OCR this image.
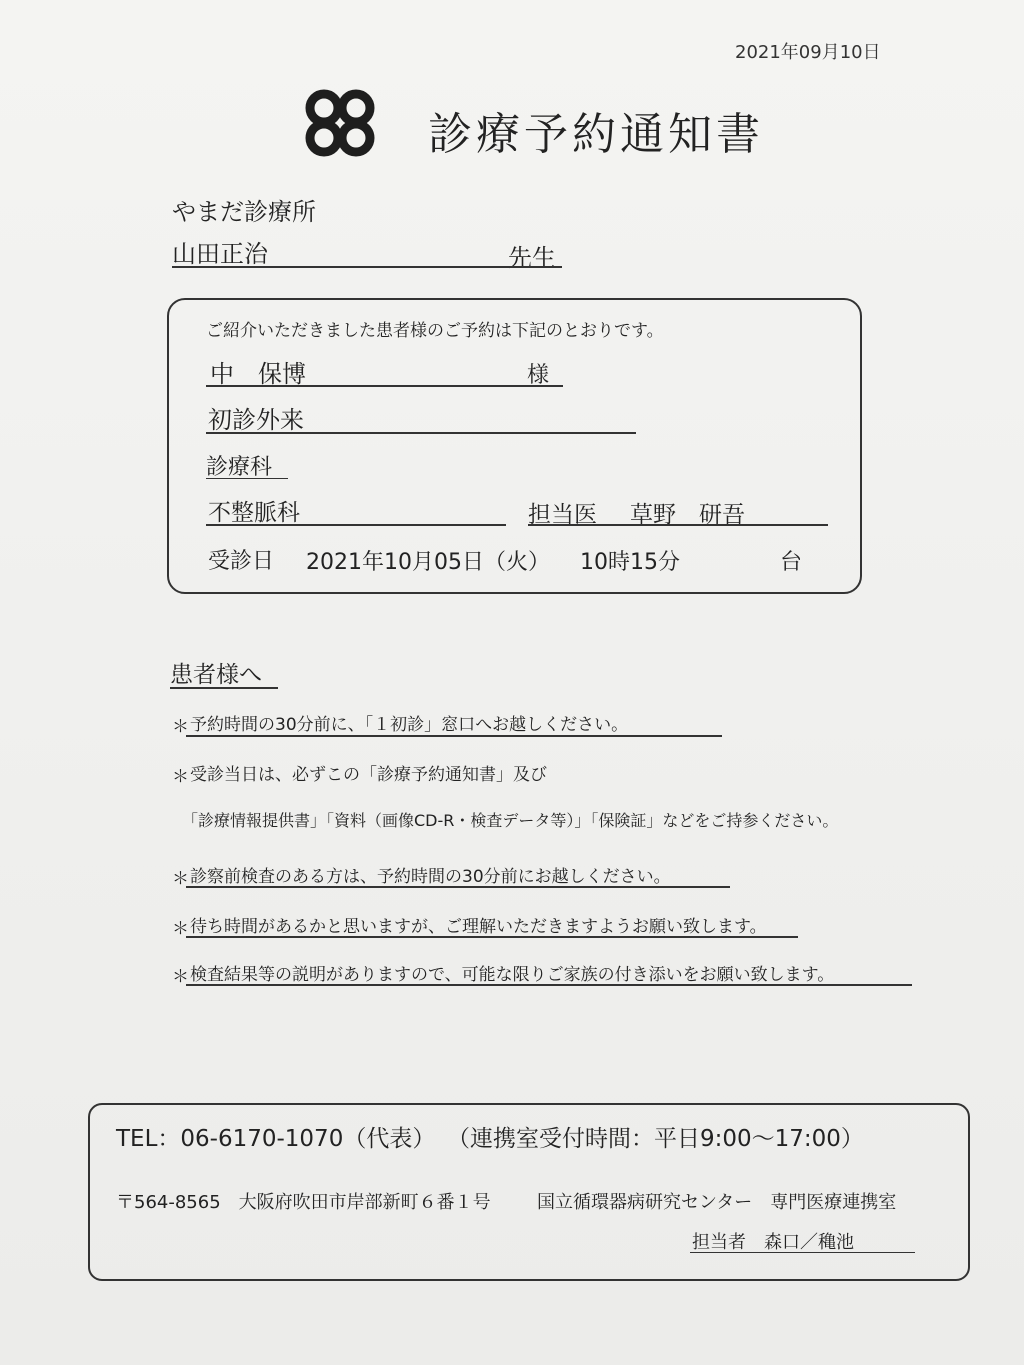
2021年09月10日
診療予約通知書
やまだ診療所
山田正治	先生
ご紹介いただきました患者様のご予約は下記のとおりです。
中　保博	様
初診外来
診療科
不整脈科	担当医 草野　研吾
受診日 2021年10月05日（火） 10時15分	台
患者様へ
＊ 予約時間の30分前に、「１初診」窓口へお越しください。
＊ 受診当日は、必ずこの「診療予約通知書」及び
「診療情報提供書」「資料（画像CD-R・検査データ等）」「保険証」などをご持参ください。
＊ 診察前検査のある方は、予約時間の30分前にお越しください。
＊ 待ち時間があるかと思いますが、ご理解いただきますようお願い致します。
＊ 検査結果等の説明がありますので、可能な限りご家族の付き添いをお願い致します。
TEL：06-6170-1070（代表） （連携室受付時間：平日9:00～17:00）
〒564-8565　大阪府吹田市岸部新町６番１号	国立循環器病研究センター　専門医療連携室
担当者　森口／穐池
